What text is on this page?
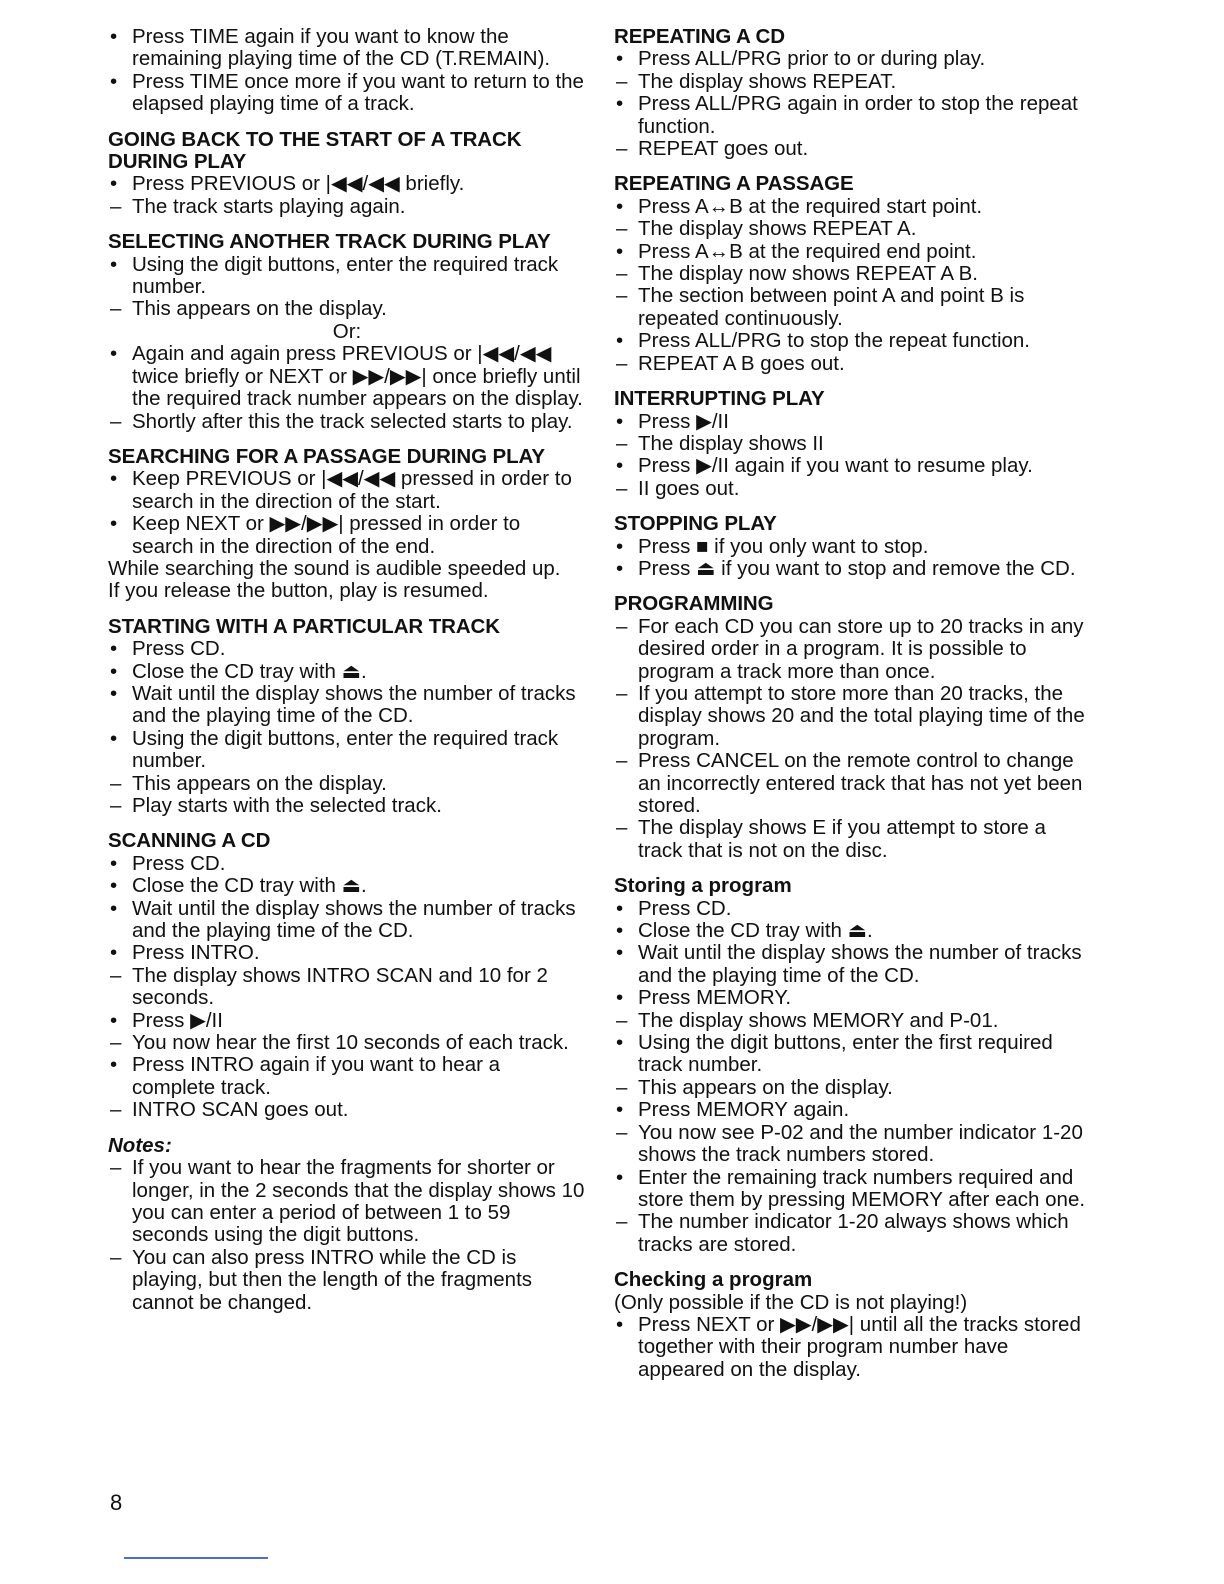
• Press TIME again if you want to know the remaining playing time of the CD (T.REMAIN).
• Press TIME once more if you want to return to the elapsed playing time of a track.
GOING BACK TO THE START OF A TRACK DURING PLAY
• Press PREVIOUS or |◀◀/◀◀ briefly.
– The track starts playing again.
SELECTING ANOTHER TRACK DURING PLAY
• Using the digit buttons, enter the required track number.
– This appears on the display.
Or:
• Again and again press PREVIOUS or |◀◀/◀◀ twice briefly or NEXT or ▶▶/▶▶| once briefly until the required track number appears on the display.
– Shortly after this the track selected starts to play.
SEARCHING FOR A PASSAGE DURING PLAY
• Keep PREVIOUS or |◀◀/◀◀ pressed in order to search in the direction of the start.
• Keep NEXT or ▶▶/▶▶| pressed in order to search in the direction of the end.
While searching the sound is audible speeded up.
If you release the button, play is resumed.
STARTING WITH A PARTICULAR TRACK
• Press CD.
• Close the CD tray with ⏏.
• Wait until the display shows the number of tracks and the playing time of the CD.
• Using the digit buttons, enter the required track number.
– This appears on the display.
– Play starts with the selected track.
SCANNING A CD
• Press CD.
• Close the CD tray with ⏏.
• Wait until the display shows the number of tracks and the playing time of the CD.
• Press INTRO.
– The display shows INTRO SCAN and 10 for 2 seconds.
• Press ▶/II
– You now hear the first 10 seconds of each track.
• Press INTRO again if you want to hear a complete track.
– INTRO SCAN goes out.
Notes:
– If you want to hear the fragments for shorter or longer, in the 2 seconds that the display shows 10 you can enter a period of between 1 to 59 seconds using the digit buttons.
– You can also press INTRO while the CD is playing, but then the length of the fragments cannot be changed.
REPEATING A CD
• Press ALL/PRG prior to or during play.
– The display shows REPEAT.
• Press ALL/PRG again in order to stop the repeat function.
– REPEAT goes out.
REPEATING A PASSAGE
• Press A↔B at the required start point.
– The display shows REPEAT A.
• Press A↔B at the required end point.
– The display now shows REPEAT A B.
– The section between point A and point B is repeated continuously.
• Press ALL/PRG to stop the repeat function.
– REPEAT A B goes out.
INTERRUPTING PLAY
• Press ▶/II
– The display shows II
• Press ▶/II again if you want to resume play.
– II goes out.
STOPPING PLAY
• Press ■ if you only want to stop.
• Press ⏏ if you want to stop and remove the CD.
PROGRAMMING
– For each CD you can store up to 20 tracks in any desired order in a program. It is possible to program a track more than once.
– If you attempt to store more than 20 tracks, the display shows 20 and the total playing time of the program.
– Press CANCEL on the remote control to change an incorrectly entered track that has not yet been stored.
– The display shows E if you attempt to store a track that is not on the disc.
Storing a program
• Press CD.
• Close the CD tray with ⏏.
• Wait until the display shows the number of tracks and the playing time of the CD.
• Press MEMORY.
– The display shows MEMORY and P-01.
• Using the digit buttons, enter the first required track number.
– This appears on the display.
• Press MEMORY again.
– You now see P-02 and the number indicator 1-20 shows the track numbers stored.
• Enter the remaining track numbers required and store them by pressing MEMORY after each one.
– The number indicator 1-20 always shows which tracks are stored.
Checking a program
(Only possible if the CD is not playing!)
• Press NEXT or ▶▶/▶▶| until all the tracks stored together with their program number have appeared on the display.
8
